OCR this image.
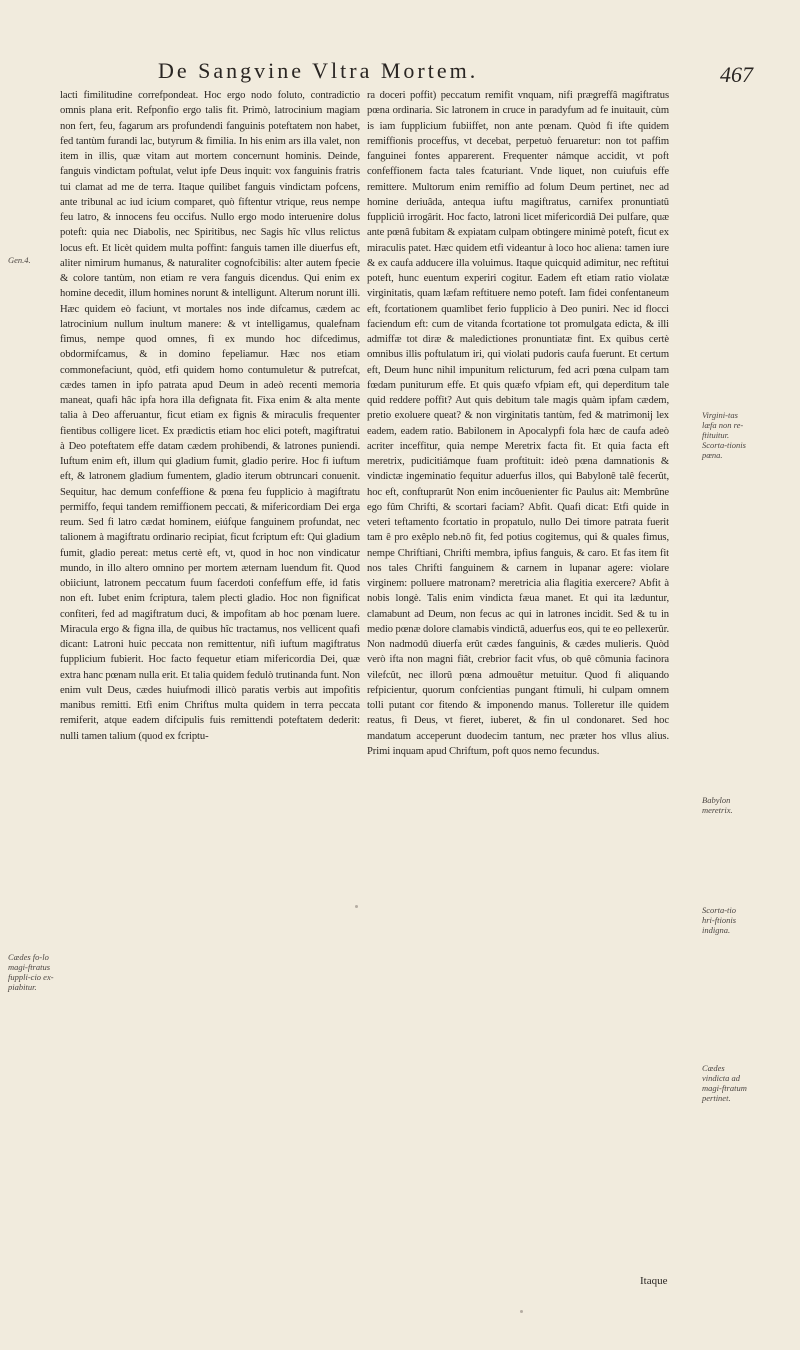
De Sangvine Vltra Mortem.	467
Gen.4.
Cædes fo-lo magi-ftratus fuppli-cio ex-piabitur.
Virgini-tas læfa non re-ftituitur. Scorta-tionis pœna.
Babylon meretrix.
Scorta-tio hri-ftionis indigna.
Cædes vindicta ad magi-ftratum pertinet.

lacti fimilitudine correfpondeat. Hoc ergo nodo foluto, contradictio omnis plana erit. Refponfio ergo talis fit. Primò, latrocinium magiam non fert, feu, fagarum ars profundendi fanguinis poteftatem non habet, fed tantùm furandi lac, butyrum & fimilia. In his enim ars illa valet, non item in illis, quæ vitam aut mortem concernunt hominis. Deinde, fanguis vindictam poftulat, velut ipfe Deus inquit: vox fanguinis fratris tui clamat ad me de terra. Itaque quilibet fanguis vindictam pofcens, ante tribunal ac iud icium comparet, quò fiftentur vtrique, reus nempe feu latro, & innocens feu occifus. Nullo ergo modo interuenire dolus poteft: quia nec Diabolis, nec Spiritibus, nec Sagis hîc vllus relictus locus eft. Et licèt quidem multa poffint: fanguis tamen ille diuerfus eft, aliter nimirum humanus, & naturaliter cognofcibilis: alter autem fpecie & colore tantùm, non etiam re vera fanguis dicendus. Qui enim ex homine decedit, illum homines norunt & intelligunt. Alterum norunt illi. Hæc quidem eò faciunt, vt mortales nos inde difcamus, cædem ac latrocinium nullum inultum manere: & vt intelligamus, qualefnam fimus, nempe quod omnes, fi ex mundo hoc difcedimus, obdormifcamus, & in domino fepeliamur. Hæc nos etiam commonefaciunt, quòd, etfi quidem homo contumuletur & putrefcat, cædes tamen in ipfo patrata apud Deum in adeò recenti memoria maneat, quafi hâc ipfa hora illa defignata fit. Fixa enim & alta mente talia à Deo afferuantur, ficut etiam ex fignis & miraculis frequenter fientibus colligere licet. Ex prædictis etiam hoc elici poteft, magiftratui à Deo poteftatem effe datam cædem prohibendi, & latrones puniendi. Iuftum enim eft, illum qui gladium fumit, gladio perire. Hoc fi iuftum eft, & latronem gladium fumentem, gladio iterum obtruncari conuenit. Sequitur, hac demum confeffione & pœna feu fupplicio à magiftratu permiffo, fequi tandem remiffionem peccati, & mifericordiam Dei erga reum. Sed fi latro cædat hominem, eiúfque fanguinem profundat, nec talionem à magiftratu ordinario recipiat, ficut fcriptum eft: Qui gladium fumit, gladio pereat: metus certè eft, vt, quod in hoc non vindicatur mundo, in illo altero omnino per mortem æternam luendum fit. Quod obiiciunt, latronem peccatum fuum facerdoti confeffum effe, id fatis non eft. Iubet enim fcriptura, talem plecti gladio. Hoc non fignificat confiteri, fed ad magiftratum duci, & impofitam ab hoc pœnam luere. Miracula ergo & figna illa, de quibus hîc tractamus, nos vellicent quafi dicant: Latroni huic peccata non remittentur, nifi iuftum magiftratus fupplicium fubierit. Hoc facto fequetur etiam mifericordia Dei, quæ extra hanc pœnam nulla erit. Et talia quidem fedulò trutinanda funt. Non enim vult Deus, cædes huiufmodi illicò paratis verbis aut impofitis manibus remitti. Etfi enim Chriftus multa quidem in terra peccata remiferit, atque eadem difcipulis fuis remittendi poteftatem dederit: nulli tamen talium (quod ex fcriptu-

ra doceri poffit) peccatum remifit vnquam, nifi prægreffâ magiftratus pœna ordinaria. Sic latronem in cruce in paradyfum ad fe inuitauit, cùm is iam fupplicium fubiiffet, non ante pœnam. Quòd fi ifte quidem remiffionis proceffus, vt decebat, perpetuò feruaretur: non tot paffim fanguinei fontes apparerent. Frequenter námque accidit, vt poft confeffionem facta tales fcaturiant. Vnde liquet, non cuiufuis effe remittere. Multorum enim remiffio ad folum Deum pertinet, nec ad homine deriuâda, antequa iuftu magiftratus, carnifex pronuntiatû fuppliciû irrogârit. Hoc facto, latroni licet mifericordiâ Dei pulfare, quæ ante pœnâ fubitam & expiatam culpam obtingere minimè poteft, ficut ex miraculis patet. Hæc quidem etfi videantur à loco hoc aliena: tamen iure & ex caufa adducere illa voluimus. Itaque quicquid adimitur, nec reftitui poteft, hunc euentum experiri cogitur. Eadem eft etiam ratio violatæ virginitatis, quam læfam reftituere nemo poteft. Iam fidei confentaneum eft, fcortationem quamlibet ferio fupplicio à Deo puniri. Nec id flocci faciendum eft: cum de vitanda fcortatione tot promulgata edicta, & illi admiffæ tot diræ & maledictiones pronuntiatæ fint. Ex quibus certè omnibus illis poftulatum iri, qui violati pudoris caufa fuerunt. Et certum eft, Deum hunc nihil impunitum relicturum, fed acri pœna culpam tam fœdam puniturum effe. Et quis quæfo vfpiam eft, qui deperditum tale quid reddere poffit? Aut quis debitum tale magis quàm ipfam cædem, pretio exoluere queat? & non virginitatis tantùm, fed & matrimonij lex eadem, eadem ratio. Babilonem in Apocalypfi fola hæc de caufa adeò acriter inceffitur, quia nempe Meretrix facta fit. Et quia facta eft meretrix, pudicitiámque fuam proftituit: ideò pœna damnationis & vindictæ ingeminatio fequitur aduerfus illos, qui Babylonê talê fecerût, hoc eft, conftuprarût Non enim incôuenienter fic Paulus ait: Membrûne ego fûm Chrifti, & scortari faciam? Abfit. Quafi dicat: Etfi quide in veteri teftamento fcortatio in propatulo, nullo Dei timore patrata fuerit tam ê pro exêplo neb.nô fit, fed potius cogitemus, qui & quales fimus, nempe Chriftiani, Chrifti membra, ipfius fanguis, & caro. Et fas item fit nos tales Chrifti fanguinem & carnem in lupanar agere: violare virginem: polluere matronam? meretricia alia flagitia exercere? Abfit à nobis longè. Talis enim vindicta fæua manet. Et qui ita læduntur, clamabunt ad Deum, non fecus ac qui in latrones incidit. Sed & tu in medio pœnæ dolore clamabis vindictâ, aduerfus eos, qui te eo pellexerûr. Non nadmodû diuerfa erût cædes fanguinis, & cædes mulieris. Quòd verò ifta non magni fiât, crebrior facit vfus, ob quê cômunia facinora vilefcût, nec illorû pœna admouêtur metuitur. Quod fi aliquando refpicientur, quorum confcientias pungant ftimuli, hi culpam omnem tolli putant cor fitendo & imponendo manus. Tolleretur ille quidem reatus, fi Deus, vt fieret, iuberet, & fin ul condonaret. Sed hoc mandatum acceperunt duodecim tantum, nec præter hos vllus alius. Primi inquam apud Chriftum, poft quos nemo fecundus.

Itaque
